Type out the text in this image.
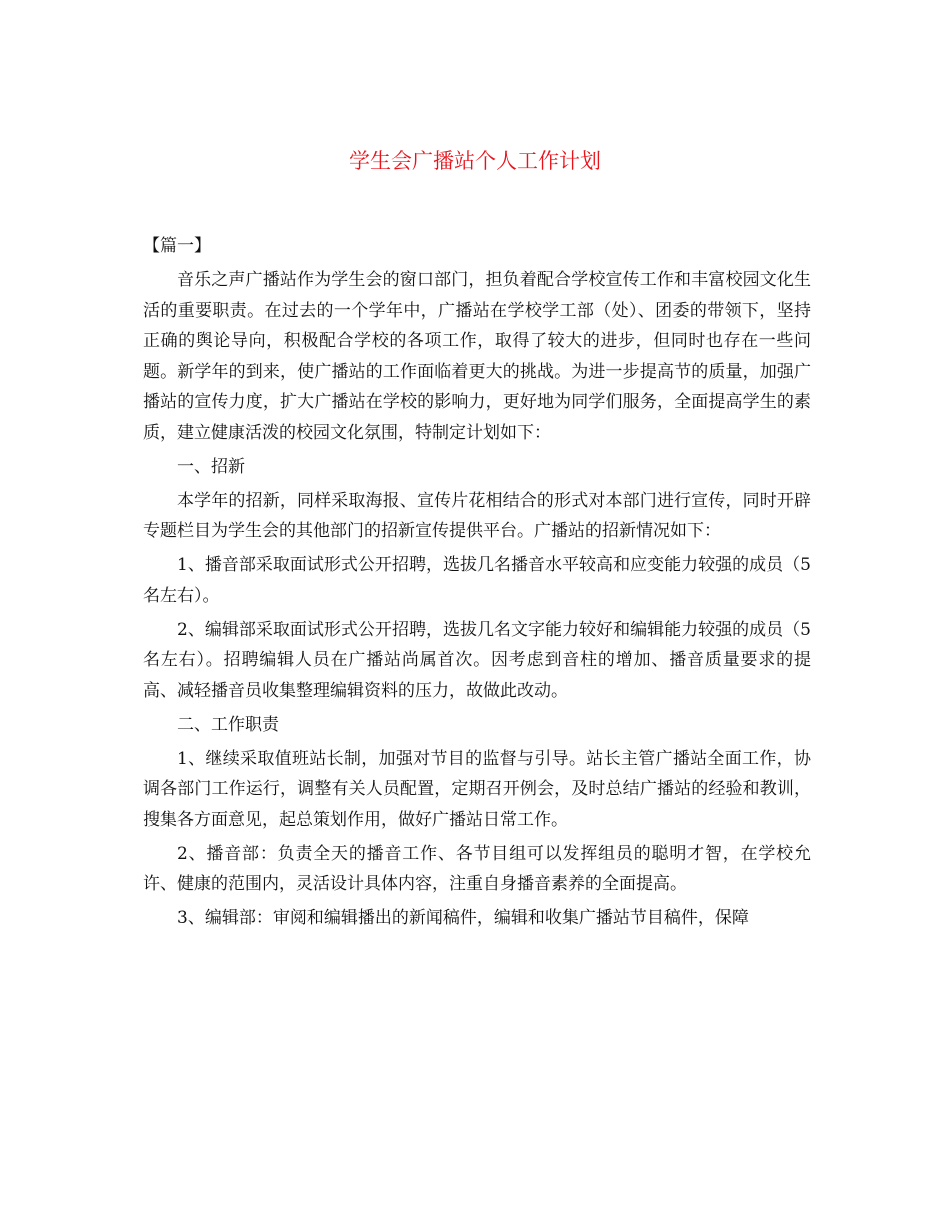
学生会广播站个人工作计划

【篇一】

音乐之声广播站作为学生会的窗口部门，担负着配合学校宣传工作和丰富校园文化生活的重要职责。在过去的一个学年中，广播站在学校学工部（处）、团委的带领下，坚持正确的舆论导向，积极配合学校的各项工作，取得了较大的进步，但同时也存在一些问题。新学年的到来，使广播站的工作面临着更大的挑战。为进一步提高节的质量，加强广播站的宣传力度，扩大广播站在学校的影响力，更好地为同学们服务，全面提高学生的素质，建立健康活泼的校园文化氛围，特制定计划如下：

一、招新

本学年的招新，同样采取海报、宣传片花相结合的形式对本部门进行宣传，同时开辟专题栏目为学生会的其他部门的招新宣传提供平台。广播站的招新情况如下：

1、播音部采取面试形式公开招聘，选拔几名播音水平较高和应变能力较强的成员（5名左右）。

2、编辑部采取面试形式公开招聘，选拔几名文字能力较好和编辑能力较强的成员（5名左右）。招聘编辑人员在广播站尚属首次。因考虑到音柱的增加、播音质量要求的提高、减轻播音员收集整理编辑资料的压力，故做此改动。

二、工作职责

1、继续采取值班站长制，加强对节目的监督与引导。站长主管广播站全面工作，协调各部门工作运行，调整有关人员配置，定期召开例会，及时总结广播站的经验和教训，搜集各方面意见，起总策划作用，做好广播站日常工作。

2、播音部：负责全天的播音工作、各节目组可以发挥组员的聪明才智，在学校允许、健康的范围内，灵活设计具体内容，注重自身播音素养的全面提高。

3、编辑部：审阅和编辑播出的新闻稿件，编辑和收集广播站节目稿件，保障
